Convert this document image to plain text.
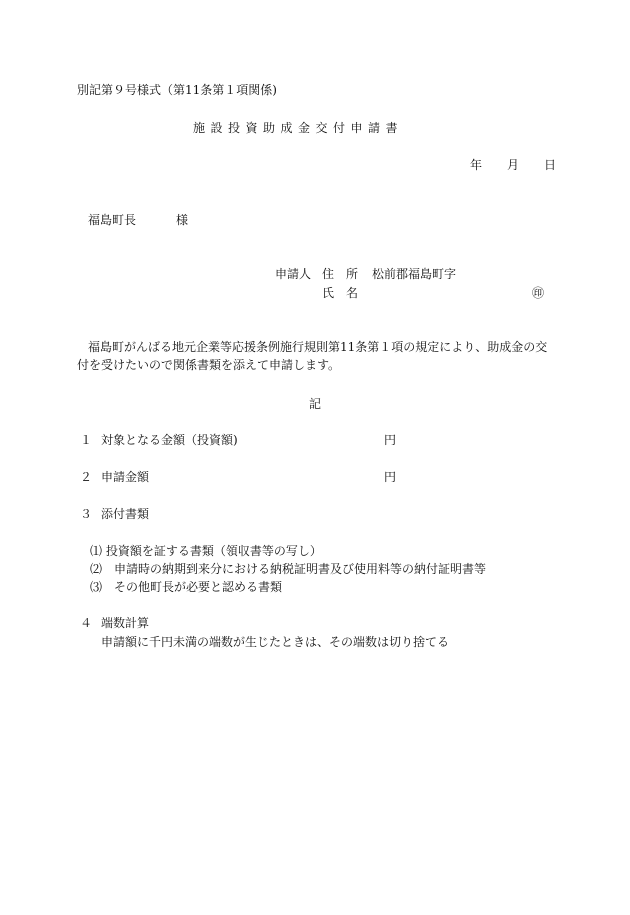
別記第９号様式（第11条第１項関係)
施設投資助成金交付申請書
年 月 日
福島町長	様
申請人 住　所 松前郡福島町字
氏　名	㊞
福島町がんばる地元企業等応援条例施行規則第11条第１項の規定により、助成金の交
付を受けたいので関係書類を添えて申請します。
記
１ 対象となる金額（投資額)	円
２ 申請金額	円
３ 添付書類
⑴ 投資額を証する書類（領収書等の写し）
⑵　申請時の納期到来分における納税証明書及び使用料等の納付証明書等
⑶　その他町長が必要と認める書類
４ 端数計算
申請額に千円未満の端数が生じたときは、その端数は切り捨てる
